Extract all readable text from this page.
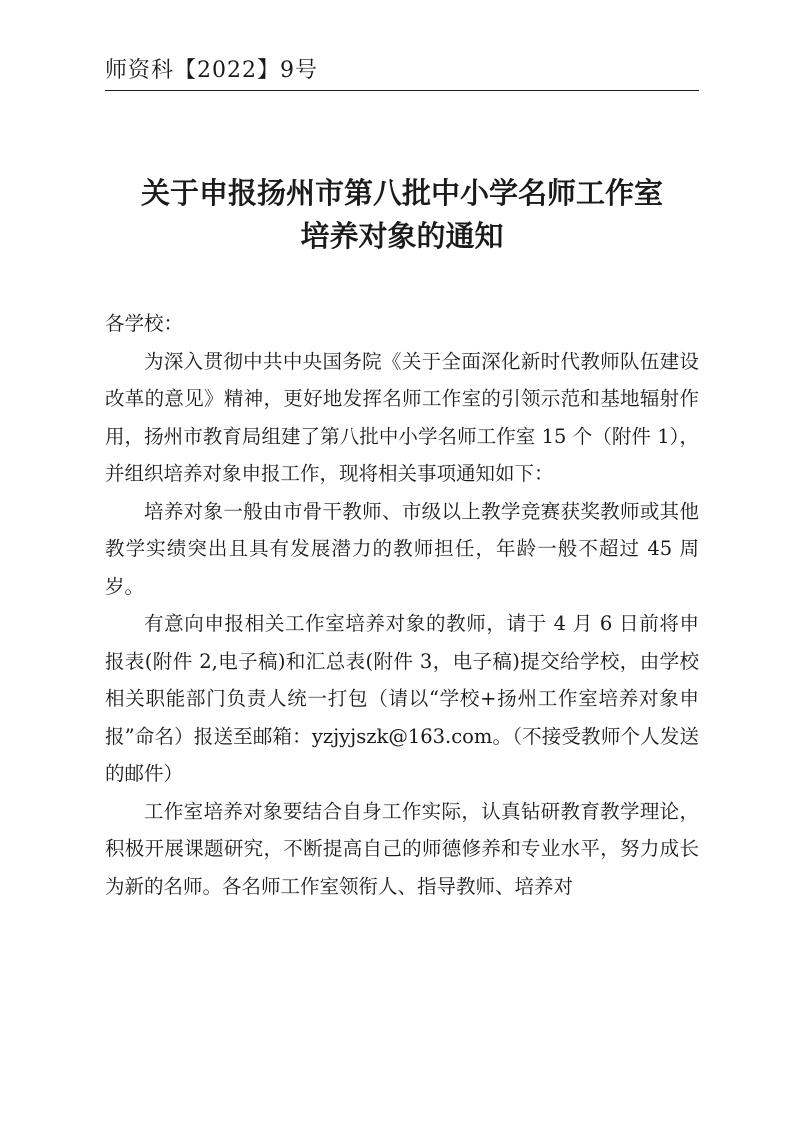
师资科【2022】9号
关于申报扬州市第八批中小学名师工作室
培养对象的通知

各学校：

为深入贯彻中共中央国务院《关于全面深化新时代教师队伍建设改革的意见》精神，更好地发挥名师工作室的引领示范和基地辐射作用，扬州市教育局组建了第八批中小学名师工作室 15 个（附件 1），并组织培养对象申报工作，现将相关事项通知如下：

培养对象一般由市骨干教师、市级以上教学竞赛获奖教师或其他教学实绩突出且具有发展潜力的教师担任，年龄一般不超过 45 周岁。

有意向申报相关工作室培养对象的教师，请于 4 月 6 日前将申报表(附件 2,电子稿)和汇总表(附件 3，电子稿)提交给学校，由学校相关职能部门负责人统一打包（请以“学校+扬州工作室培养对象申报”命名）报送至邮箱：yzjyjszk@163.com。（不接受教师个人发送的邮件）

工作室培养对象要结合自身工作实际，认真钻研教育教学理论，积极开展课题研究，不断提高自己的师德修养和专业水平，努力成长为新的名师。各名师工作室领衔人、指导教师、培养对
